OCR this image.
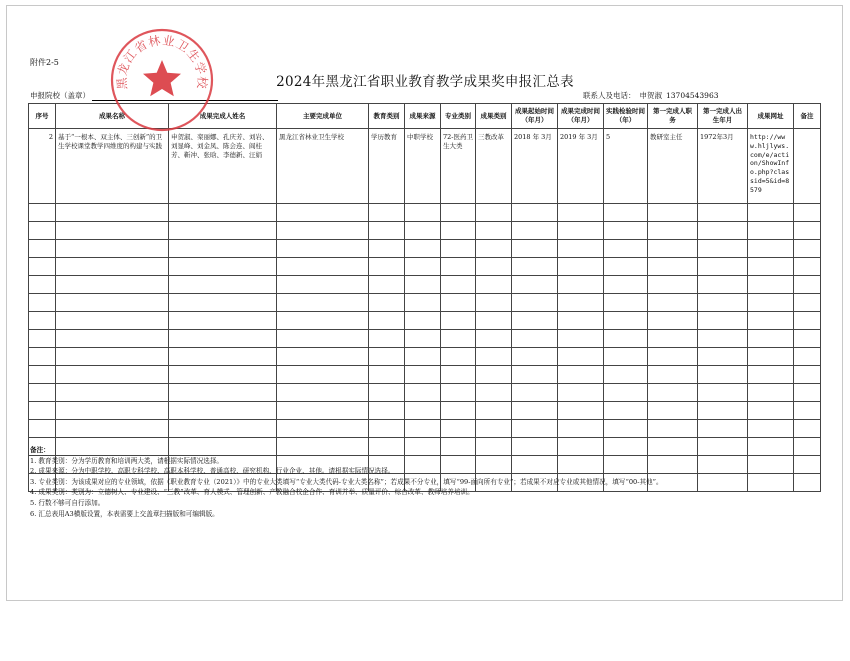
附件2-5
2024年黑龙江省职业教育教学成果奖申报汇总表
申报院校（盖章）	联系人及电话： 申贺淑 13704543963
序号	成果名称	成果完成人姓名	主要完成单位	教育类别	成果来源	专业类别	成果类别	成果起始时间（年月）	成果完成时间（年月）	实践检验时间（年）	第一完成人职务	第一完成人出生年月	成果网址	备注
2	基于“一根本、双主体、三创新”的卫生学校课堂教学四维度的构建与实践	申贺淑、栾丽娜、孔庆芳、刘岩、刘显峰、刘金凤、陈会连、阎桂芳、靳冲、张晗、李德新、汪娟	黑龙江省林业卫生学校	学历教育	中职学校	72-医药卫生大类	三教改革	2018 年 3月	2019 年 3月	5	教研室主任	1972年3月	http://www.hljlyws.com/e/action/ShowInfo.php?classid=5&id=8579	

备注：
1. 教育类别：分为学历教育和培训两大类，请根据实际情况选择。
2. 成果来源：分为中职学校、高职专科学校、高职本科学校、普通高校、研究机构、行业企业、其他。请根据实际情况选择。
3. 专业类别：为该成果对应的专业领域，依据《职业教育专业（2021）》中的专业大类填写“专业大类代码-专业大类名称”；若成果不分专业，填写“99-面向所有专业”；若成果不对应专业或其他情况，填写“00-其他”。
4. 成果类别：类别为：立德树人、专业建设、“三教”改革、育人模式、管理创新、产教融合校企合作、育训并举、质量评价、综合改革、教师培养培训。
5. 行数不够可自行添加。
6. 汇总表用A3横版设置，本表需要上交盖章扫描版和可编辑版。
黑龙江省林业卫生学校
